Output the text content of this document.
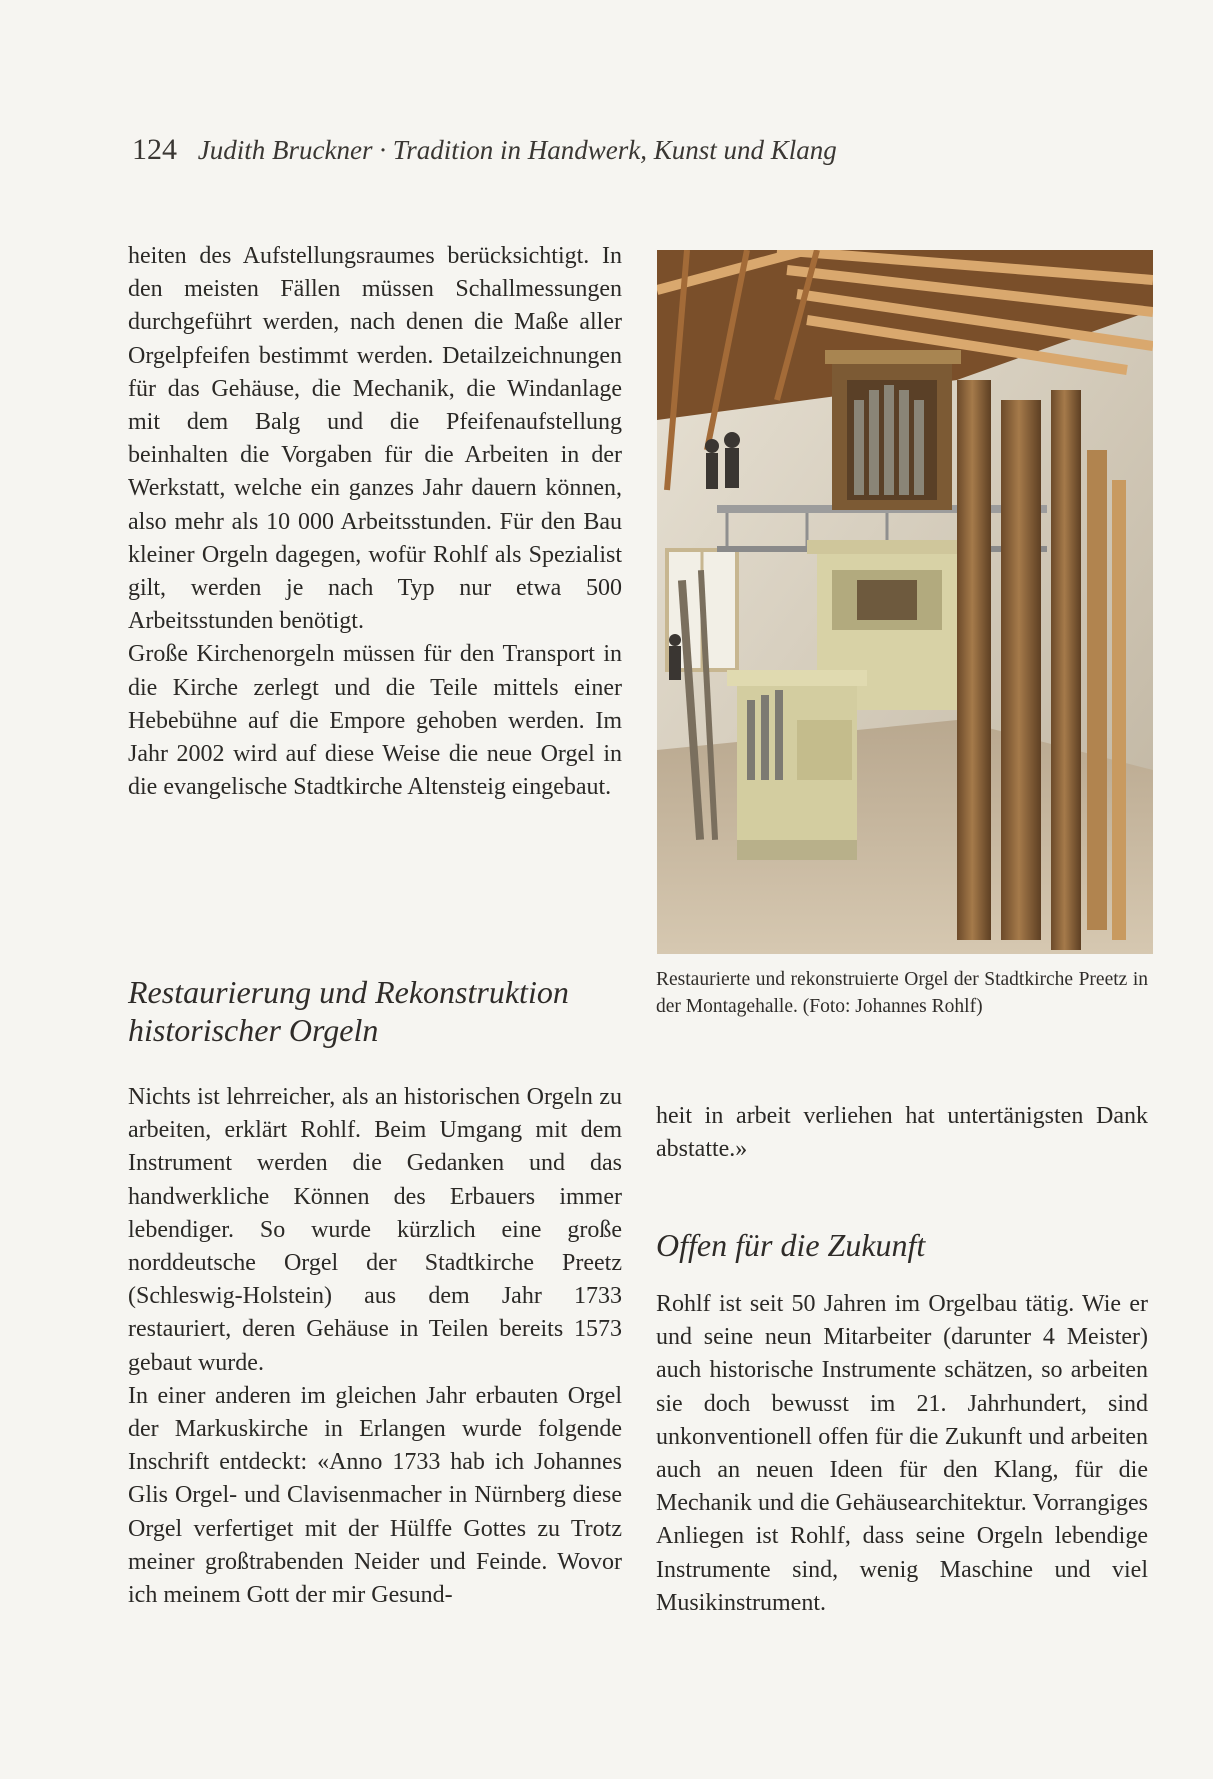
124 Judith Bruckner · Tradition in Handwerk, Kunst und Klang

heiten des Aufstellungsraumes berücksichtigt. In den meisten Fällen müssen Schallmessungen durchgeführt werden, nach denen die Maße aller Orgelpfeifen bestimmt werden. Detailzeichnungen für das Gehäuse, die Mechanik, die Windanlage mit dem Balg und die Pfeifenaufstellung beinhalten die Vorgaben für die Arbeiten in der Werkstatt, welche ein ganzes Jahr dauern können, also mehr als 10 000 Arbeitsstunden. Für den Bau kleiner Orgeln dagegen, wofür Rohlf als Spezialist gilt, werden je nach Typ nur etwa 500 Arbeitsstunden benötigt.

Große Kirchenorgeln müssen für den Transport in die Kirche zerlegt und die Teile mittels einer Hebebühne auf die Empore gehoben werden. Im Jahr 2002 wird auf diese Weise die neue Orgel in die evangelische Stadtkirche Altensteig eingebaut.

Restaurierung und Rekonstruktion
historischer Orgeln

Nichts ist lehrreicher, als an historischen Orgeln zu arbeiten, erklärt Rohlf. Beim Umgang mit dem Instrument werden die Gedanken und das handwerkliche Können des Erbauers immer lebendiger. So wurde kürzlich eine große norddeutsche Orgel der Stadtkirche Preetz (Schleswig-Holstein) aus dem Jahr 1733 restauriert, deren Gehäuse in Teilen bereits 1573 gebaut wurde.

In einer anderen im gleichen Jahr erbauten Orgel der Markuskirche in Erlangen wurde folgende Inschrift entdeckt: «Anno 1733 hab ich Johannes Glis Orgel- und Clavisenmacher in Nürnberg diese Orgel verfertiget mit der Hülffe Gottes zu Trotz meiner großtrabenden Neider und Feinde. Wovor ich meinem Gott der mir Gesund-

Restaurierte und rekonstruierte Orgel der Stadtkirche Preetz in der Montagehalle. (Foto: Johannes Rohlf)

heit in arbeit verliehen hat untertänigsten Dank abstatte.»

Offen für die Zukunft

Rohlf ist seit 50 Jahren im Orgelbau tätig. Wie er und seine neun Mitarbeiter (darunter 4 Meister) auch historische Instrumente schätzen, so arbeiten sie doch bewusst im 21. Jahrhundert, sind unkonventionell offen für die Zukunft und arbeiten auch an neuen Ideen für den Klang, für die Mechanik und die Gehäusearchitektur. Vorrangiges Anliegen ist Rohlf, dass seine Orgeln lebendige Instrumente sind, wenig Maschine und viel Musikinstrument.
